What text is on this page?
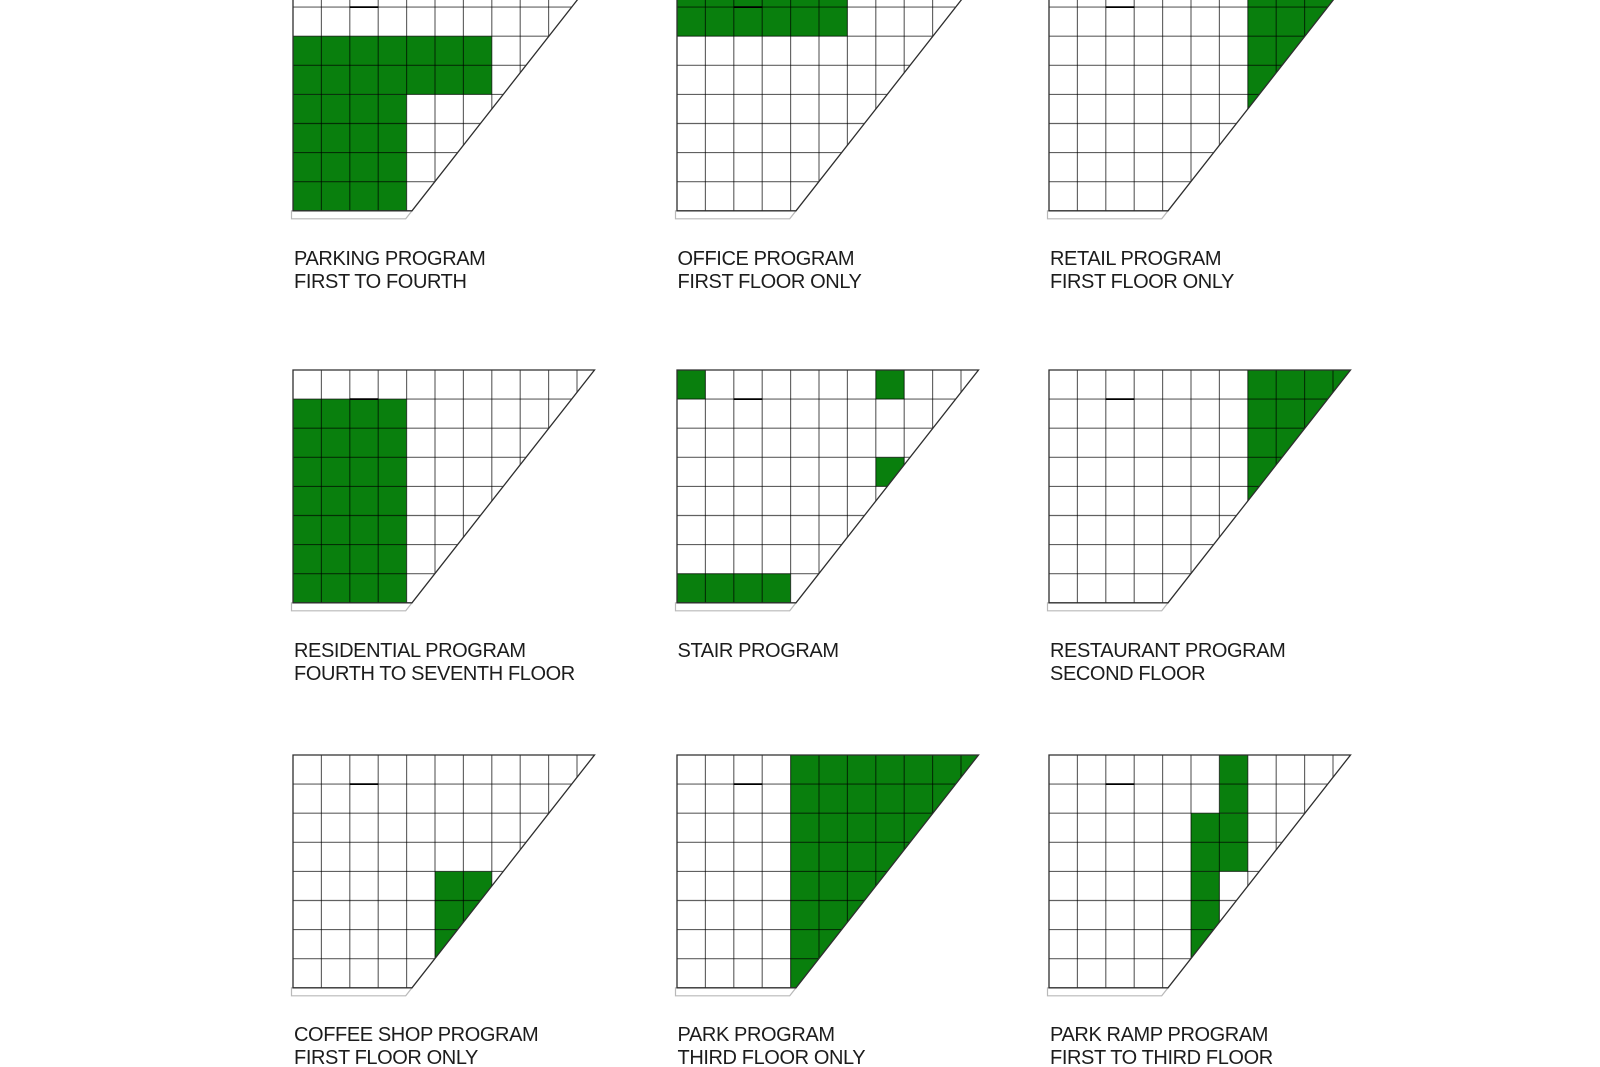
PARKING PROGRAM
FIRST TO FOURTH
OFFICE PROGRAM
FIRST FLOOR ONLY
RETAIL PROGRAM
FIRST FLOOR ONLY
RESIDENTIAL PROGRAM
FOURTH TO SEVENTH FLOOR
STAIR PROGRAM	RESTAURANT PROGRAM
SECOND FLOOR
COFFEE SHOP PROGRAM
FIRST FLOOR ONLY
PARK PROGRAM
THIRD FLOOR ONLY
PARK RAMP PROGRAM
FIRST TO THIRD FLOOR
